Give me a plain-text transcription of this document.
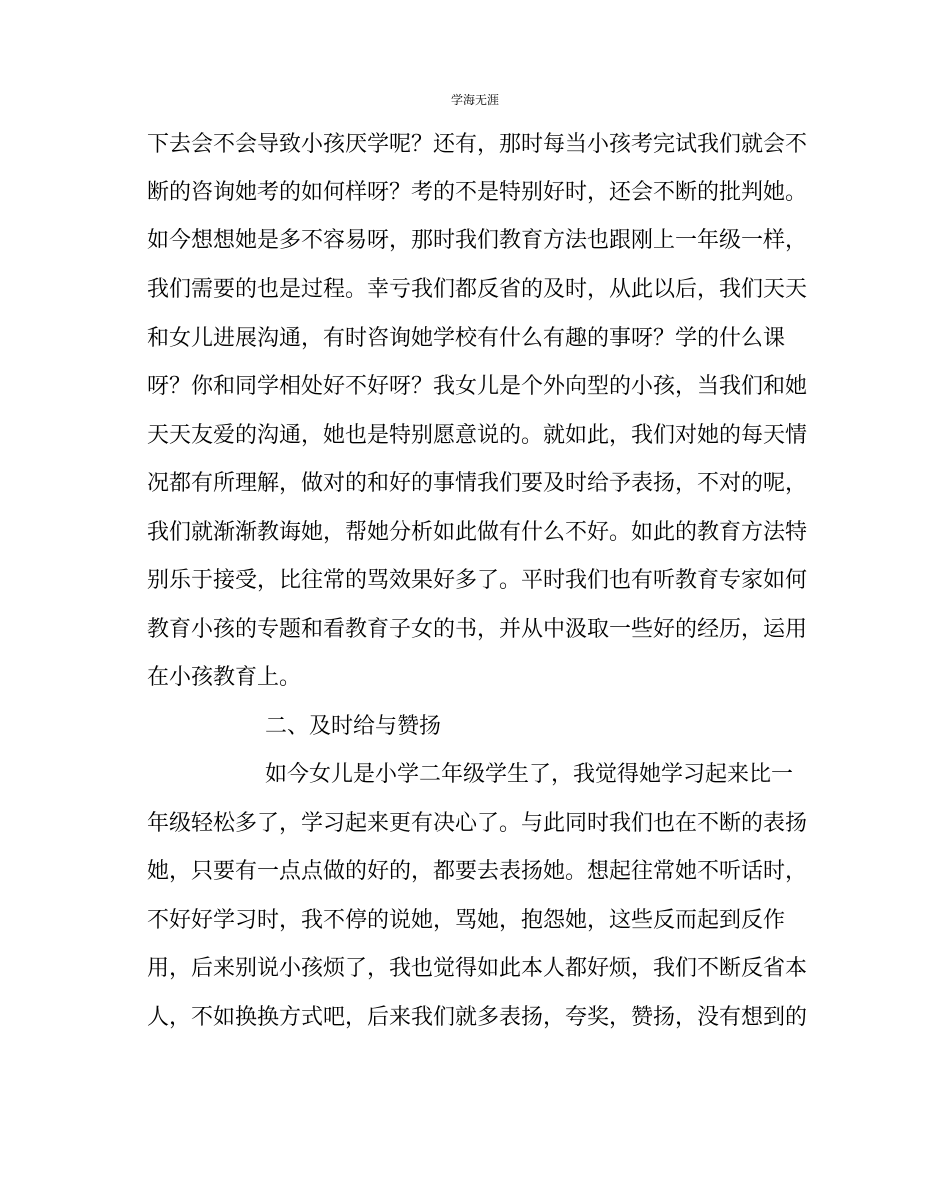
学海无涯
下去会不会导致小孩厌学呢？还有，那时每当小孩考完试我们就会不
断的咨询她考的如何样呀？考的不是特别好时，还会不断的批判她。
如今想想她是多不容易呀，那时我们教育方法也跟刚上一年级一样，
我们需要的也是过程。幸亏我们都反省的及时，从此以后，我们天天
和女儿进展沟通，有时咨询她学校有什么有趣的事呀？学的什么课
呀？你和同学相处好不好呀？我女儿是个外向型的小孩，当我们和她
天天友爱的沟通，她也是特别愿意说的。就如此，我们对她的每天情
况都有所理解，做对的和好的事情我们要及时给予表扬，不对的呢，
我们就渐渐教诲她，帮她分析如此做有什么不好。如此的教育方法特
别乐于接受，比往常的骂效果好多了。平时我们也有听教育专家如何
教育小孩的专题和看教育子女的书，并从中汲取一些好的经历，运用
在小孩教育上。
二、及时给与赞扬
如今女儿是小学二年级学生了，我觉得她学习起来比一
年级轻松多了，学习起来更有决心了。与此同时我们也在不断的表扬
她，只要有一点点做的好的，都要去表扬她。想起往常她不听话时，
不好好学习时，我不停的说她，骂她，抱怨她，这些反而起到反作
用，后来别说小孩烦了，我也觉得如此本人都好烦，我们不断反省本
人，不如换换方式吧，后来我们就多表扬，夸奖，赞扬，没有想到的
